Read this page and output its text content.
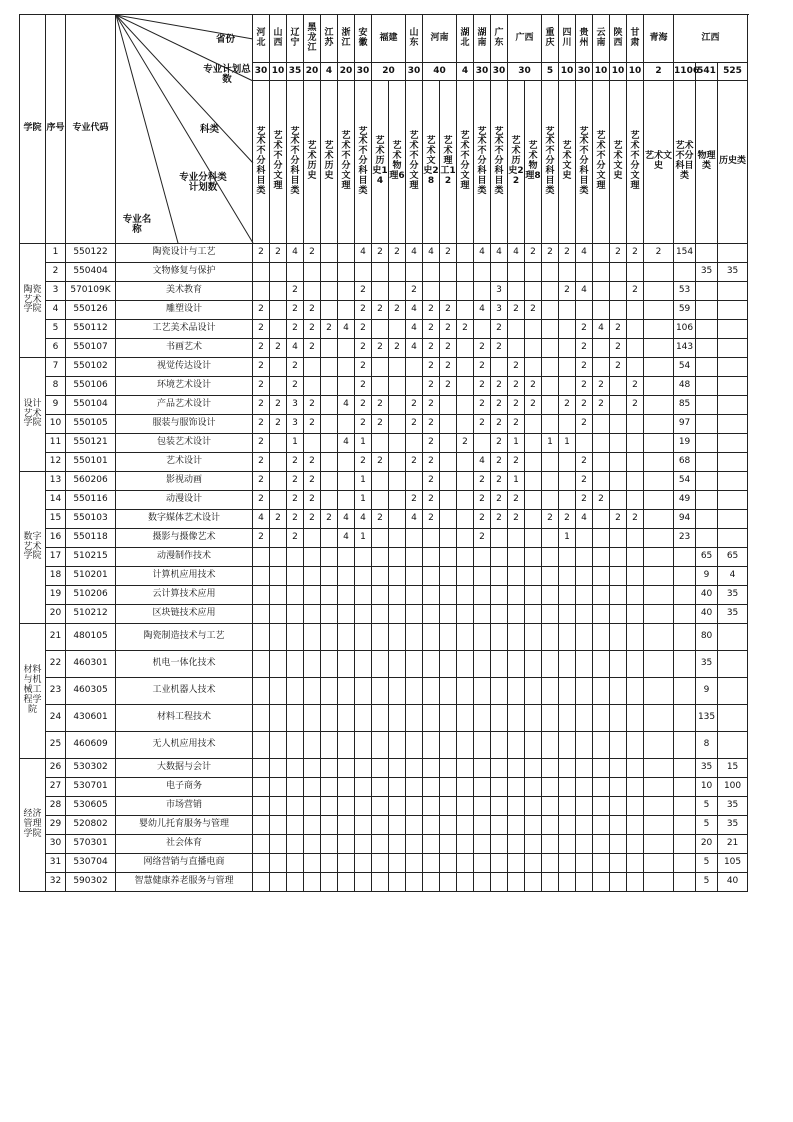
学院	序号	专业代码	省份
专业计划总数
科类
专业分科类计划数
专业名称	河北	山西	辽宁	黑龙江	江苏	浙江	安徽	福建		山东	河南		湖北	湖南	广东	广西		重庆	四川	贵州	云南	陕西	甘肃	青海	江西			
				30	10	35	20	4	20	30	20		30	40		4	30	30	30		5	10	30	10	10	10	2	1106	541	525	
				艺术不分科目类	艺术不分文理	艺术不分科目类	艺术历史	艺术历史	艺术不分文理	艺术不分科目类	艺术历史14	艺术物理6	艺术不分文理	艺术文史28	艺术理工12	艺术不分文理	艺术不分科目类	艺术不分科目类	艺术历史22	艺术物理8	艺术不分科目类	艺术文史	艺术不分科目类	艺术不分文理	艺术文史	艺术不分文理	艺术文史	艺术不分科目类	物理类	历史类	
陶瓷艺术学院	1	550122	陶瓷设计与工艺	2	2	4	2			4	2	2	4	4	2		4	4	4	2	2	2	4		2	2	2	154			
	2	550404	文物修复与保护																										35	35	
	3	570109K	美术教育			2				2			2					3				2	4			2		53			
	4	550126	雕塑设计	2		2	2			2	2	2	4	2	2		4	3	2	2								59			
	5	550112	工艺美术品设计	2		2	2	2	4	2			4	2	2	2		2					2	4	2			106			
	6	550107	书画艺术	2	2	4	2			2	2	2	4	2	2		2	2					2		2			143			
设计艺术学院	7	550102	视觉传达设计	2		2				2				2	2		2		2				2		2			54			
	8	550106	环境艺术设计	2		2				2				2	2		2	2	2	2			2	2		2		48			
	9	550104	产品艺术设计	2	2	3	2		4	2	2		2	2			2	2	2	2		2	2	2		2		85			
	10	550105	服装与服饰设计	2	2	3	2			2	2		2	2			2	2	2				2					97			
	11	550121	包装艺术设计	2		1			4	1				2		2		2	1		1	1						19			
	12	550101	艺术设计	2		2	2			2	2		2	2			4	2	2				2					68			
数字艺术学院	13	560206	影视动画	2		2	2			1				2			2	2	1				2					54			
	14	550116	动漫设计	2		2	2			1			2	2			2	2	2				2	2				49			
	15	550103	数字媒体艺术设计	4	2	2	2	2	4	4	2		4	2			2	2	2		2	2	4		2	2		94			
	16	550118	摄影与摄像艺术	2		2			4	1							2					1						23			
	17	510215	动漫制作技术																										65	65	
	18	510201	计算机应用技术																										9	4	
	19	510206	云计算技术应用																										40	35	
	20	510212	区块链技术应用																										40	35	
材料与机械工程学院	21	480105	陶瓷制造技术与工艺																										80		
	22	460301	机电一体化技术																										35		
	23	460305	工业机器人技术																										9		
	24	430601	材料工程技术																										135		
	25	460609	无人机应用技术																										8		
经济管理学院	26	530302	大数据与会计																										35	15	
	27	530701	电子商务																										10	100	
	28	530605	市场营销																										5	35	
	29	520802	婴幼儿托育服务与管理																										5	35	
	30	570301	社会体育																										20	21	
	31	530704	网络营销与直播电商																										5	105	
	32	590302	智慧健康养老服务与管理																										5	40	
